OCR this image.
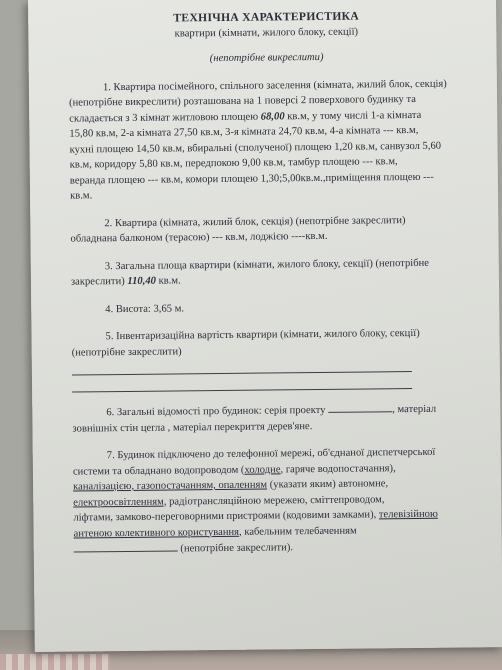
ТЕХНІЧНА ХАРАКТЕРИСТИКА
квартири (кімнати, жилого блоку, секції)
(непотрібне викреслити)
1. Квартира посімейного, спільного заселення (кімната, жилий блок, секція)
(непотрібне викреслити) розташована на 1 поверсі 2 поверхового будинку та
складається з 3 кімнат житловою площею 68,00 кв.м, у тому числі 1-а кімната
15,80 кв.м, 2-а кімната 27,50 кв.м, 3-я кімната 24,70 кв.м, 4-а кімната --- кв.м,
кухні площею 14,50 кв.м, вбиральні (сполученої) площею 1,20 кв.м, санвузол 5,60
кв.м, коридору 5,80 кв.м, передпокою 9,00 кв.м, тамбур площею --- кв.м,
веранда площею --- кв.м, комори площею 1,30;5,00кв.м.,приміщення площею ---
кв.м.
2. Квартира (кімната, жилий блок, секція) (непотрібне закреслити)
обладнана балконом (терасою) --- кв.м, лоджією ----кв.м.
3. Загальна площа квартири (кімнати, жилого блоку, секції) (непотрібне
закреслити) 110,40 кв.м.
4. Висота: 3,65 м.
5. Інвентаризаційна вартість квартири (кімнати, жилого блоку, секції)
(непотрібне закреслити)
6. Загальні відомості про будинок: серія проекту	, матеріал
зовнішніх стін цегла , матеріал перекриття дерев'яне.
7. Будинок підключено до телефонної мережі, об'єднаної диспетчерської
системи та обладнано водопроводом (холодне, гаряче водопостачання),
каналізацією, газопостачанням, опаленням (указати яким) автономне,
електроосвітленням, радіотрансляційною мережею, сміттепроводом,
ліфтами, замково-переговорними пристроями (кодовими замками), телевізійною
антеною колективного користування, кабельним телебаченням
(непотрібне закреслити).
